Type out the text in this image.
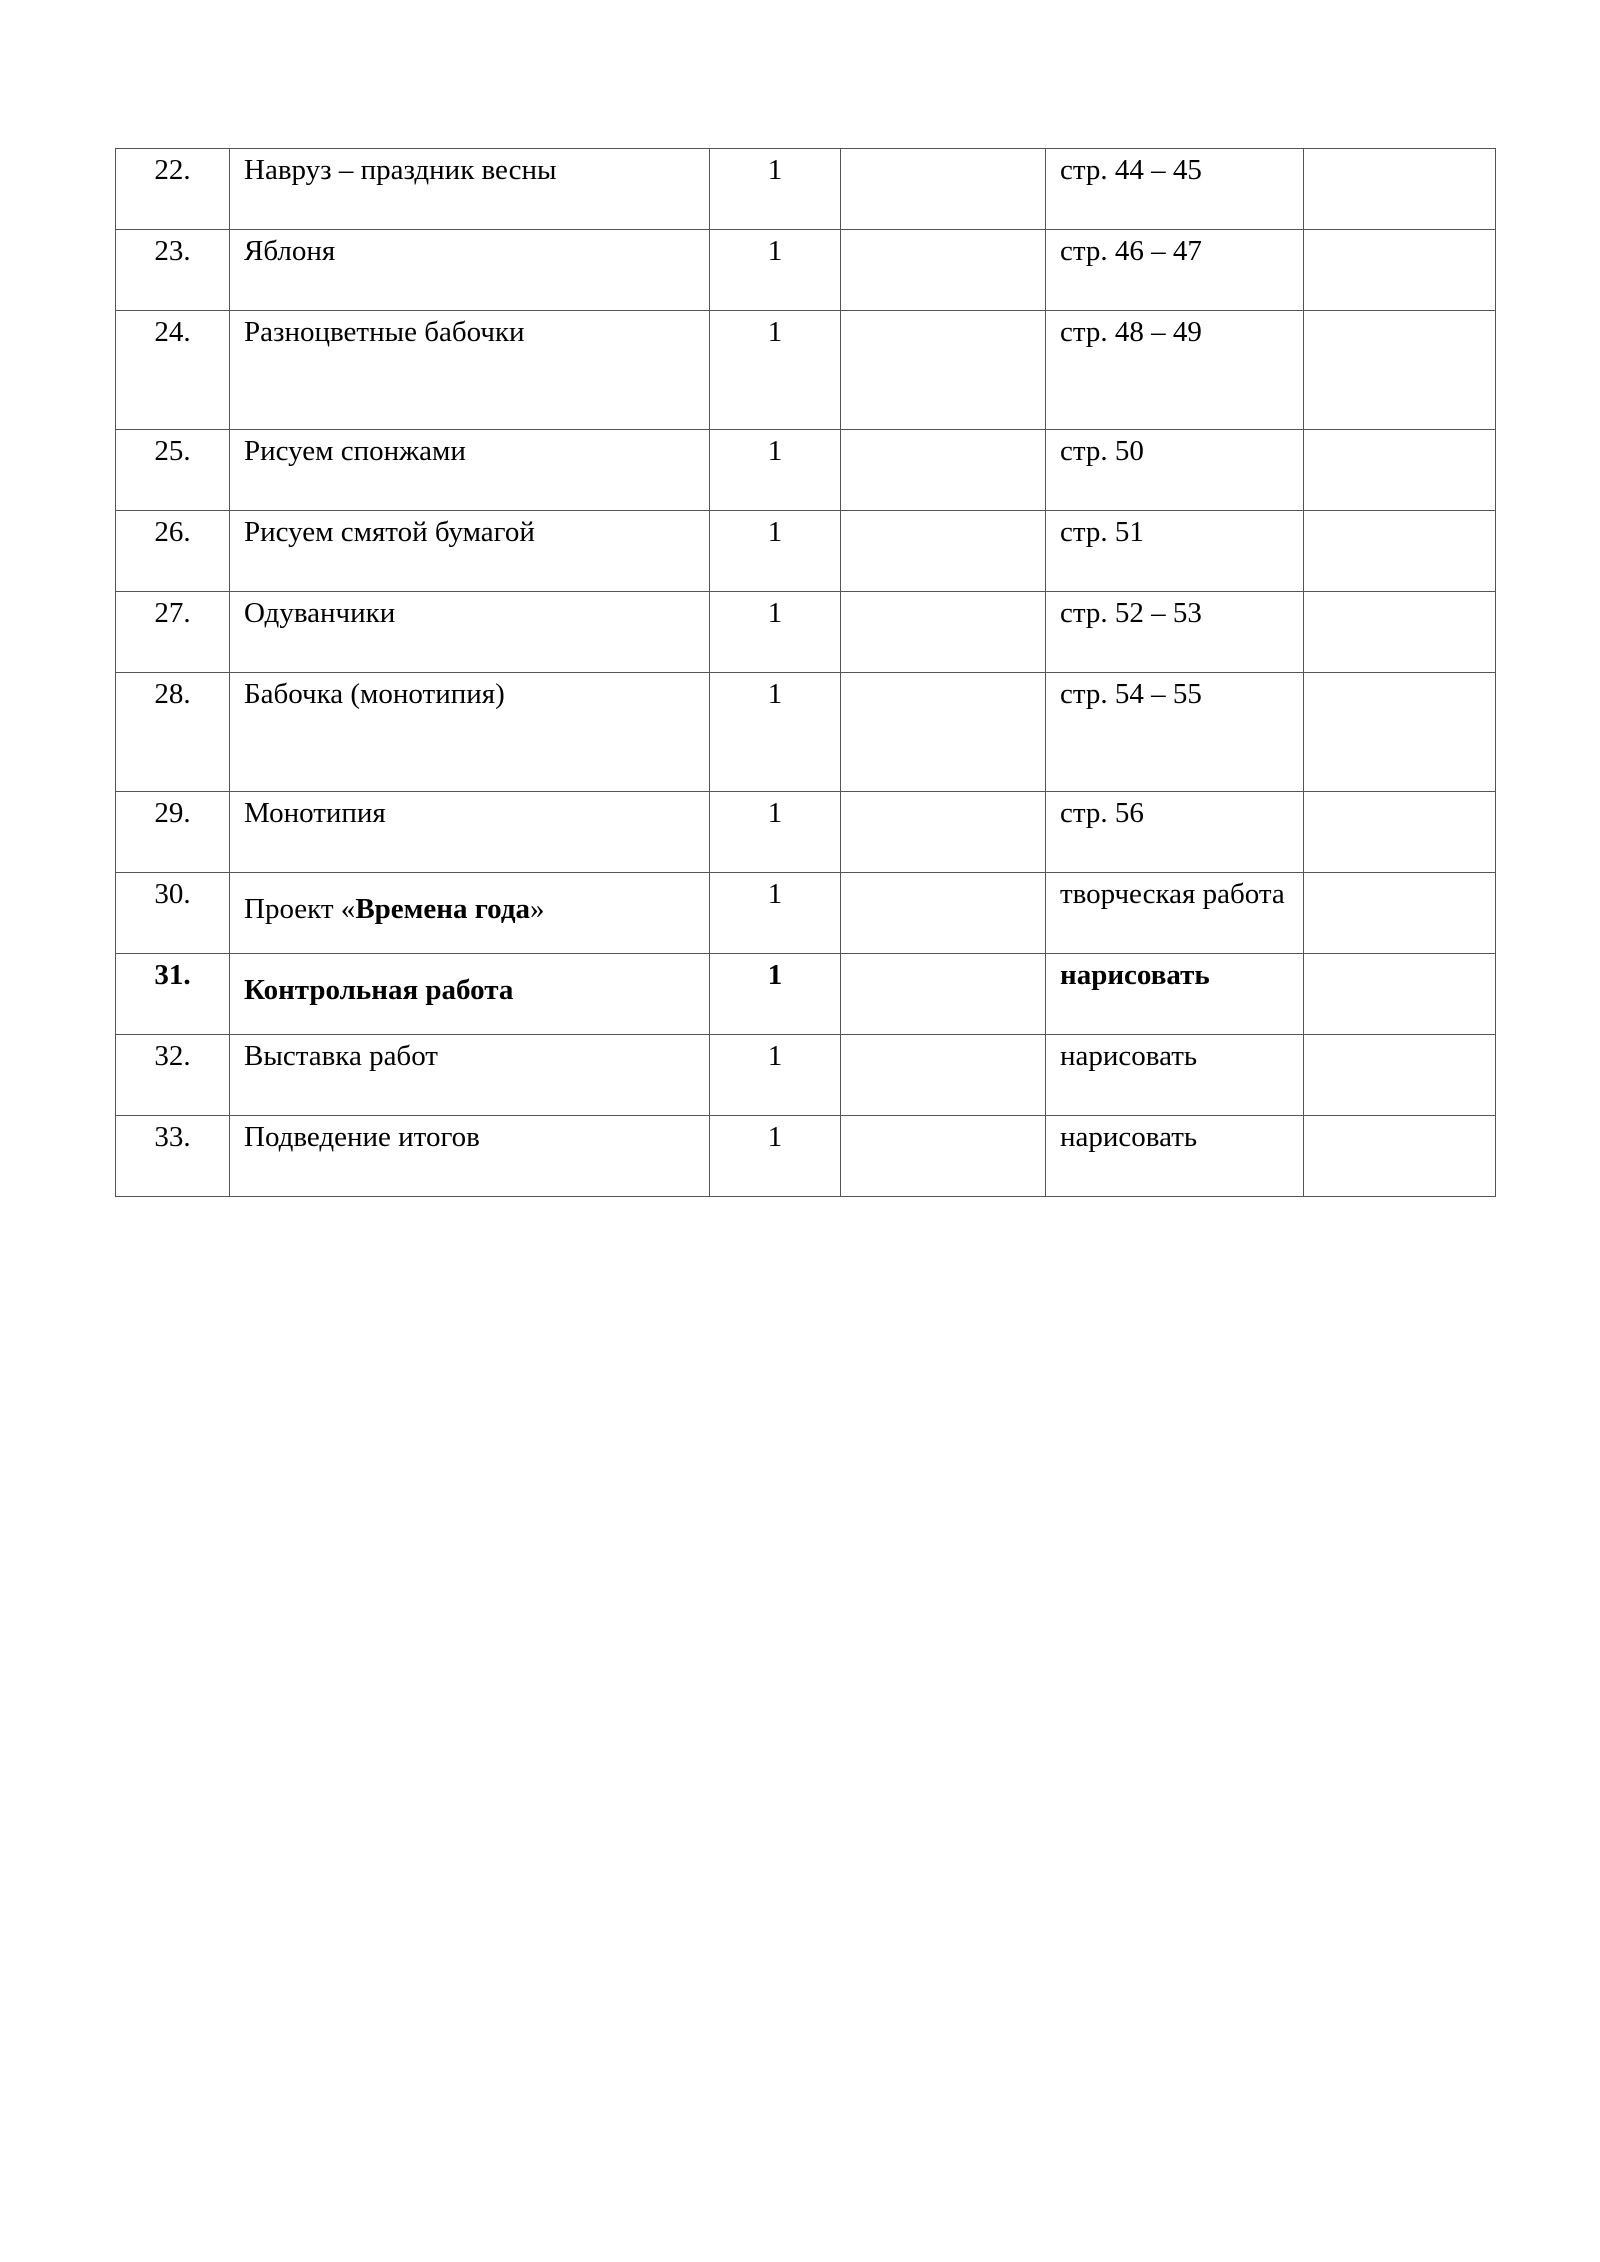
22.	Навруз – праздник весны	1		стр. 44 – 45	
23.	Яблоня	1		стр. 46 – 47	
24.	Разноцветные бабочки	1		стр. 48 – 49	
25.	Рисуем спонжами	1		стр. 50	
26.	Рисуем смятой бумагой	1		стр. 51	
27.	Одуванчики	1		стр. 52 – 53	
28.	Бабочка (монотипия)	1		стр. 54 – 55	
29.	Монотипия	1		стр. 56	
30.	Проект «Времена года»	1		творческая работа	
31.	Контрольная работа	1		нарисовать	
32.	Выставка работ	1		нарисовать	
33.	Подведение итогов	1		нарисовать	
